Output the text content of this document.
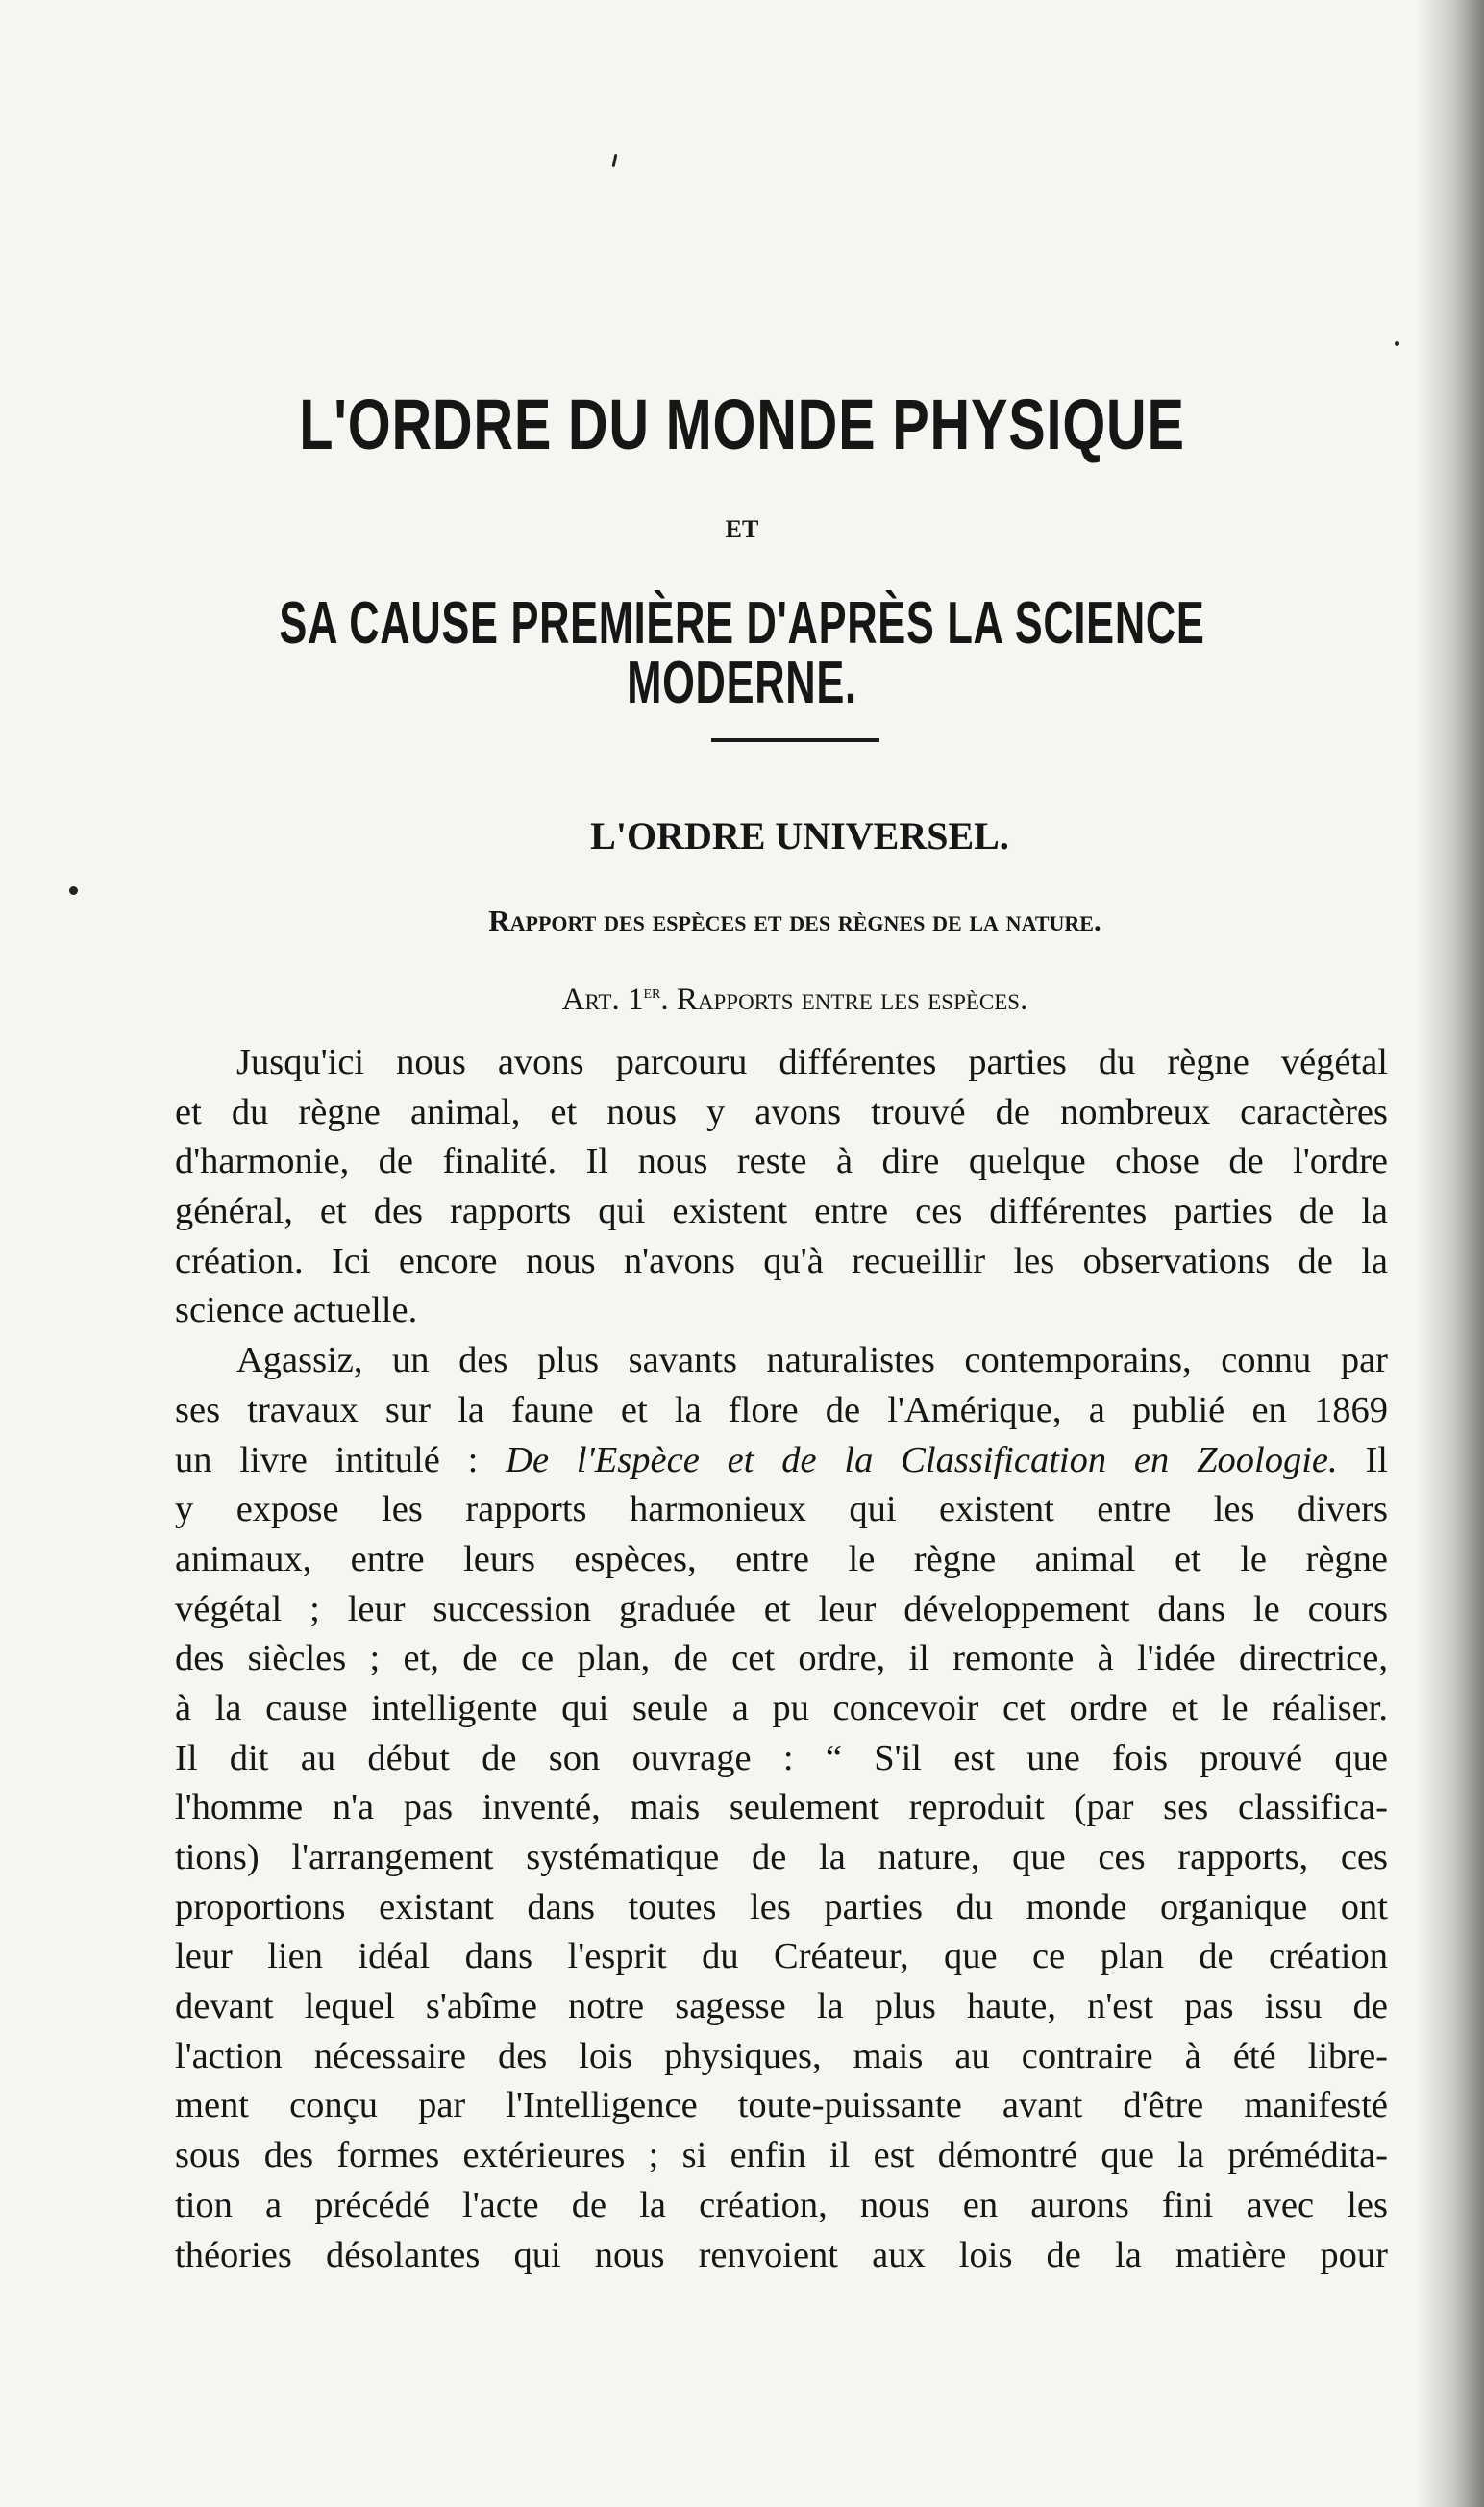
L'ORDRE DU MONDE PHYSIQUE
ET
SA CAUSE PREMIÈRE D'APRÈS LA SCIENCE MODERNE.
L'ORDRE UNIVERSEL.
Rapport des espèces et des règnes de la nature.
Art. 1er. Rapports entre les espèces.
Jusqu'ici nous avons parcouru différentes parties du règne végétal
et du règne animal, et nous y avons trouvé de nombreux caractères
d'harmonie, de finalité. Il nous reste à dire quelque chose de l'ordre
général, et des rapports qui existent entre ces différentes parties de la
création. Ici encore nous n'avons qu'à recueillir les observations de la
science actuelle.
Agassiz, un des plus savants naturalistes contemporains, connu par
ses travaux sur la faune et la flore de l'Amérique, a publié en 1869
un livre intitulé : De l'Espèce et de la Classification en Zoologie. Il
y expose les rapports harmonieux qui existent entre les divers
animaux, entre leurs espèces, entre le règne animal et le règne
végétal ; leur succession graduée et leur développement dans le cours
des siècles ; et, de ce plan, de cet ordre, il remonte à l'idée directrice,
à la cause intelligente qui seule a pu concevoir cet ordre et le réaliser.
Il dit au début de son ouvrage : “ S'il est une fois prouvé que
l'homme n'a pas inventé, mais seulement reproduit (par ses classifica-
tions) l'arrangement systématique de la nature, que ces rapports, ces
proportions existant dans toutes les parties du monde organique ont
leur lien idéal dans l'esprit du Créateur, que ce plan de création
devant lequel s'abîme notre sagesse la plus haute, n'est pas issu de
l'action nécessaire des lois physiques, mais au contraire à été libre-
ment conçu par l'Intelligence toute-puissante avant d'être manifesté
sous des formes extérieures ; si enfin il est démontré que la prémédita-
tion a précédé l'acte de la création, nous en aurons fini avec les
théories désolantes qui nous renvoient aux lois de la matière pour
